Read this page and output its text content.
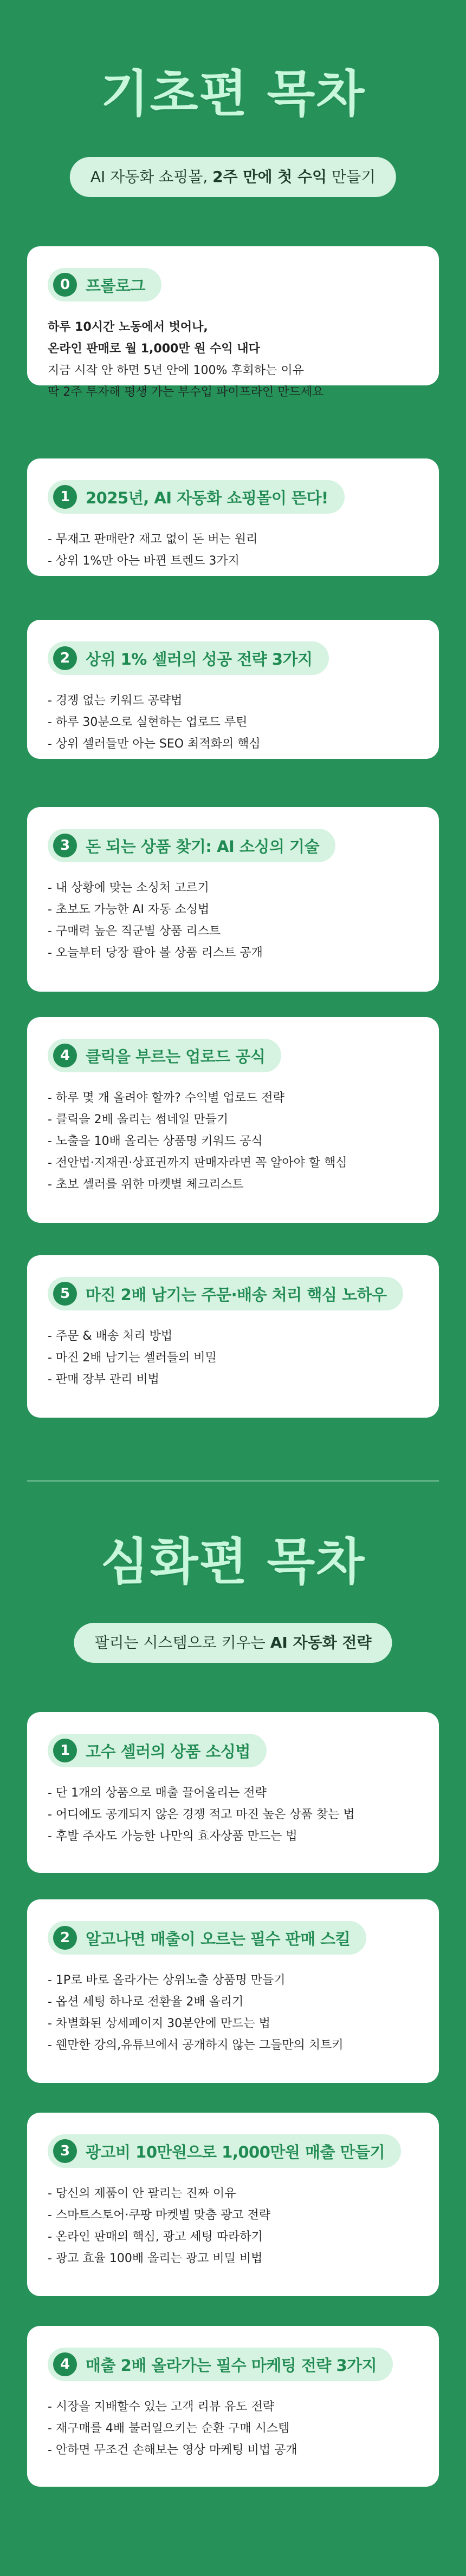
기초편 목차
AI 자동화 쇼핑몰, 2주 만에 첫 수익 만들기
0 프롤로그
하루 10시간 노동에서 벗어나,
온라인 판매로 월 1,000만 원 수익 내다
지금 시작 안 하면 5년 안에 100% 후회하는 이유
딱 2주 투자해 평생 가는 부수입 파이프라인 만드세요
1 2025년, AI 자동화 쇼핑몰이 뜬다!
- 무재고 판매란? 재고 없이 돈 버는 원리
- 상위 1%만 아는 바뀐 트렌드 3가지
2 상위 1% 셀러의 성공 전략 3가지
- 경쟁 없는 키워드 공략법
- 하루 30분으로 실현하는 업로드 루틴
- 상위 셀러들만 아는 SEO 최적화의 핵심
3 돈 되는 상품 찾기: AI 소싱의 기술
- 내 상황에 맞는 소싱처 고르기
- 초보도 가능한 AI 자동 소싱법
- 구매력 높은 직군별 상품 리스트
- 오늘부터 당장 팔아 볼 상품 리스트 공개
4 클릭을 부르는 업로드 공식
- 하루 몇 개 올려야 할까? 수익별 업로드 전략
- 클릭을 2배 올리는 썸네일 만들기
- 노출을 10배 올리는 상품명 키워드 공식
- 전안법·지재권·상표권까지 판매자라면 꼭 알아야 할 핵심
- 초보 셀러를 위한 마켓별 체크리스트
5 마진 2배 남기는 주문·배송 처리 핵심 노하우
- 주문 & 배송 처리 방법
- 마진 2배 남기는 셀러들의 비밀
- 판매 장부 관리 비법
심화편 목차
팔리는 시스템으로 키우는 AI 자동화 전략
1 고수 셀러의 상품 소싱법
- 단 1개의 상품으로 매출 끌어올리는 전략
- 어디에도 공개되지 않은 경쟁 적고 마진 높은 상품 찾는 법
- 후발 주자도 가능한 나만의 효자상품 만드는 법
2 알고나면 매출이 오르는 필수 판매 스킬
- 1P로 바로 올라가는 상위노출 상품명 만들기
- 옵션 세팅 하나로 전환율 2배 올리기
- 차별화된 상세페이지 30분안에 만드는 법
- 웬만한 강의,유튜브에서 공개하지 않는 그들만의 치트키
3 광고비 10만원으로 1,000만원 매출 만들기
- 당신의 제품이 안 팔리는 진짜 이유
- 스마트스토어·쿠팡 마켓별 맞춤 광고 전략
- 온라인 판매의 핵심, 광고 세팅 따라하기
- 광고 효율 100배 올리는 광고 비밀 비법
4 매출 2배 올라가는 필수 마케팅 전략 3가지
- 시장을 지배할수 있는 고객 리뷰 유도 전략
- 재구매를 4배 불러일으키는 순환 구매 시스템
- 안하면 무조건 손해보는 영상 마케팅 비법 공개
